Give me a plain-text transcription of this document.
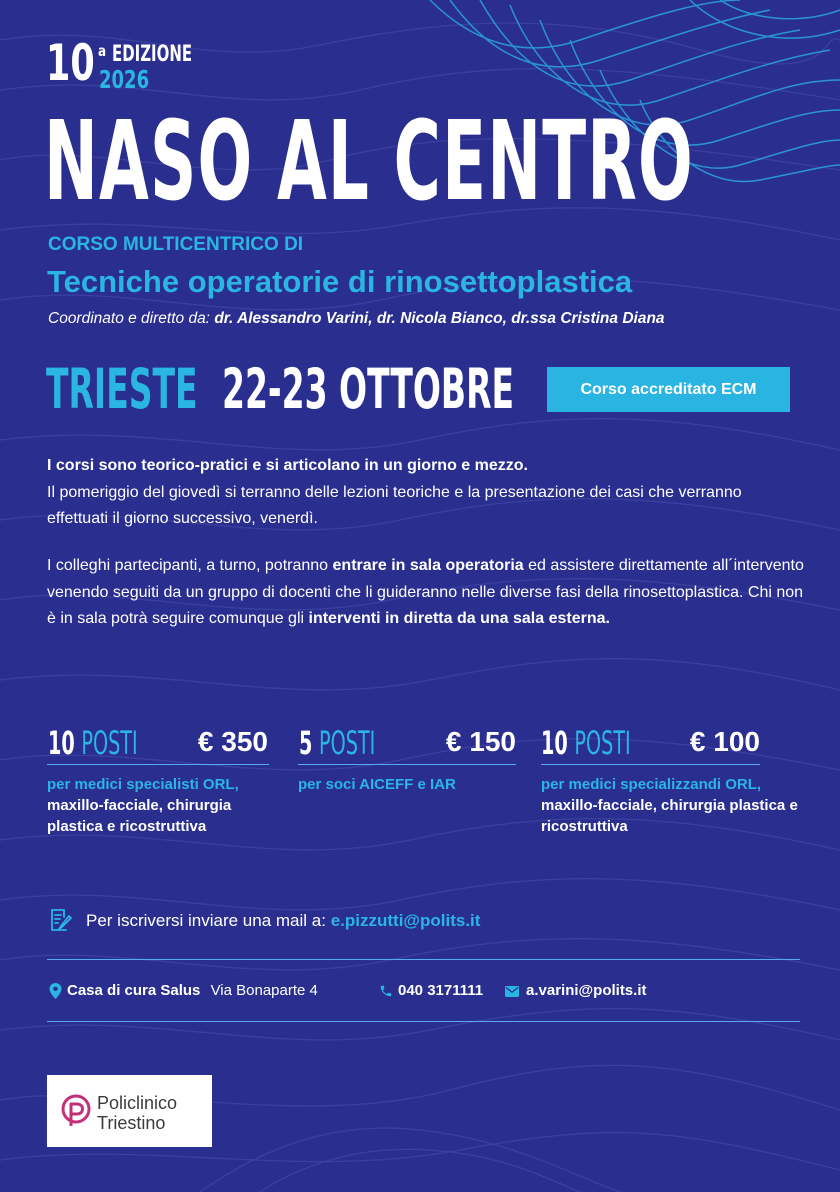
10 a EDIZIONE
2026
NASO AL CENTRO
CORSO MULTICENTRICO DI
Tecniche operatorie di rinosettoplastica
Coordinato e diretto da: dr. Alessandro Varini, dr. Nicola Bianco, dr.ssa Cristina Diana
TRIESTE 22-23 OTTOBRE	Corso accreditato ECM
I corsi sono teorico-pratici e si articolano in un giorno e mezzo.
Il pomeriggio del giovedì si terranno delle lezioni teoriche e la presentazione dei casi che verranno effettuati il giorno successivo, venerdì.
I colleghi partecipanti, a turno, potranno entrare in sala operatoria ed assistere direttamente all´intervento venendo seguiti da un gruppo di docenti che li guideranno nelle diverse fasi della rinosettoplastica. Chi non è in sala potrà seguire comunque gli interventi in diretta da una sala esterna.
10 POSTI	€ 350
per medici specialisti ORL,
maxillo-facciale, chirurgia plastica e ricostruttiva
5 POSTI	€ 150
per soci AICEFF e IAR
10 POSTI	€ 100
per medici specializzandi ORL, maxillo-facciale, chirurgia plastica e ricostruttiva
Per iscriversi inviare una mail a: e.pizzutti@polits.it
Casa di cura Salus Via Bonaparte 4	040 3171111	a.varini@polits.it
Policlinico
Triestino
